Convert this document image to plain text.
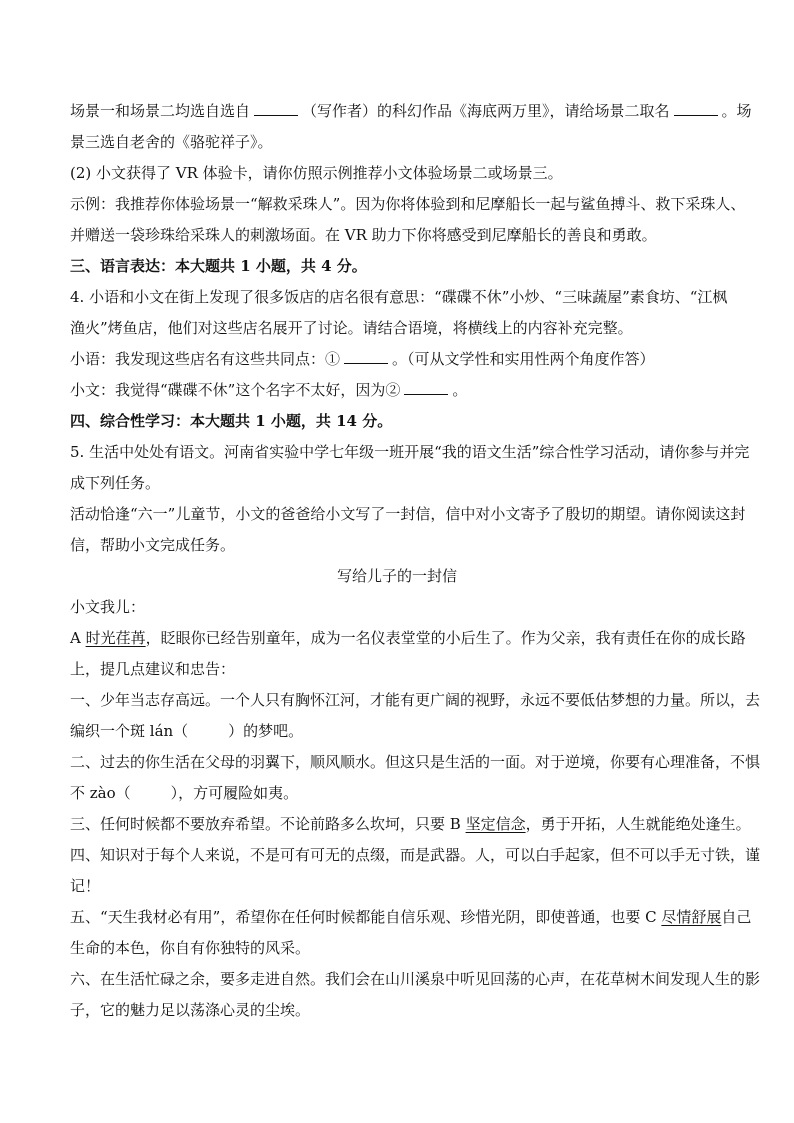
场景一和场景二均选自选自	（写作者）的科幻作品《海底两万里》，请给场景二取名	。场
景三选自老舍的《骆驼祥子》。
(2) 小文获得了 VR 体验卡，请你仿照示例推荐小文体验场景二或场景三。
示例：我推荐你体验场景一“解救采珠人”。因为你将体验到和尼摩船长一起与鲨鱼搏斗、救下采珠人、
并赠送一袋珍珠给采珠人的刺激场面。在 VR 助力下你将感受到尼摩船长的善良和勇敢。
三、语言表达：本大题共 1 小题，共 4 分。
4. 小语和小文在街上发现了很多饭店的店名很有意思：“碟碟不休”小炒、“三味蔬屋”素食坊、“江枫
渔火”烤鱼店，他们对这些店名展开了讨论。请结合语境，将横线上的内容补充完整。
小语：我发现这些店名有这些共同点：①	。（可从文学性和实用性两个角度作答）
小文：我觉得“碟碟不休”这个名字不太好，因为②	。
四、综合性学习：本大题共 1 小题，共 14 分。
5. 生活中处处有语文。河南省实验中学七年级一班开展“我的语文生活”综合性学习活动，请你参与并完
成下列任务。
活动恰逢“六一”儿童节，小文的爸爸给小文写了一封信，信中对小文寄予了殷切的期望。请你阅读这封
信，帮助小文完成任务。
写给儿子的一封信
小文我儿：
A 时光荏苒，眨眼你已经告别童年，成为一名仪表堂堂的小后生了。作为父亲，我有责任在你的成长路
上，提几点建议和忠告：
一、少年当志存高远。一个人只有胸怀江河，才能有更广阔的视野，永远不要低估梦想的力量。所以，去
编织一个斑 lán（	）的梦吧。
二、过去的你生活在父母的羽翼下，顺风顺水。但这只是生活的一面。对于逆境，你要有心理准备，不惧
不 zào（	），方可履险如夷。
三、任何时候都不要放弃希望。不论前路多么坎坷，只要 B 坚定信念，勇于开拓，人生就能绝处逢生。
四、知识对于每个人来说，不是可有可无的点缀，而是武器。人，可以白手起家，但不可以手无寸铁，谨
记！
五、“天生我材必有用”，希望你在任何时候都能自信乐观、珍惜光阴，即使普通，也要 C 尽情舒展自己
生命的本色，你自有你独特的风采。
六、在生活忙碌之余，要多走进自然。我们会在山川溪泉中听见回荡的心声，在花草树木间发现人生的影
子，它的魅力足以荡涤心灵的尘埃。
